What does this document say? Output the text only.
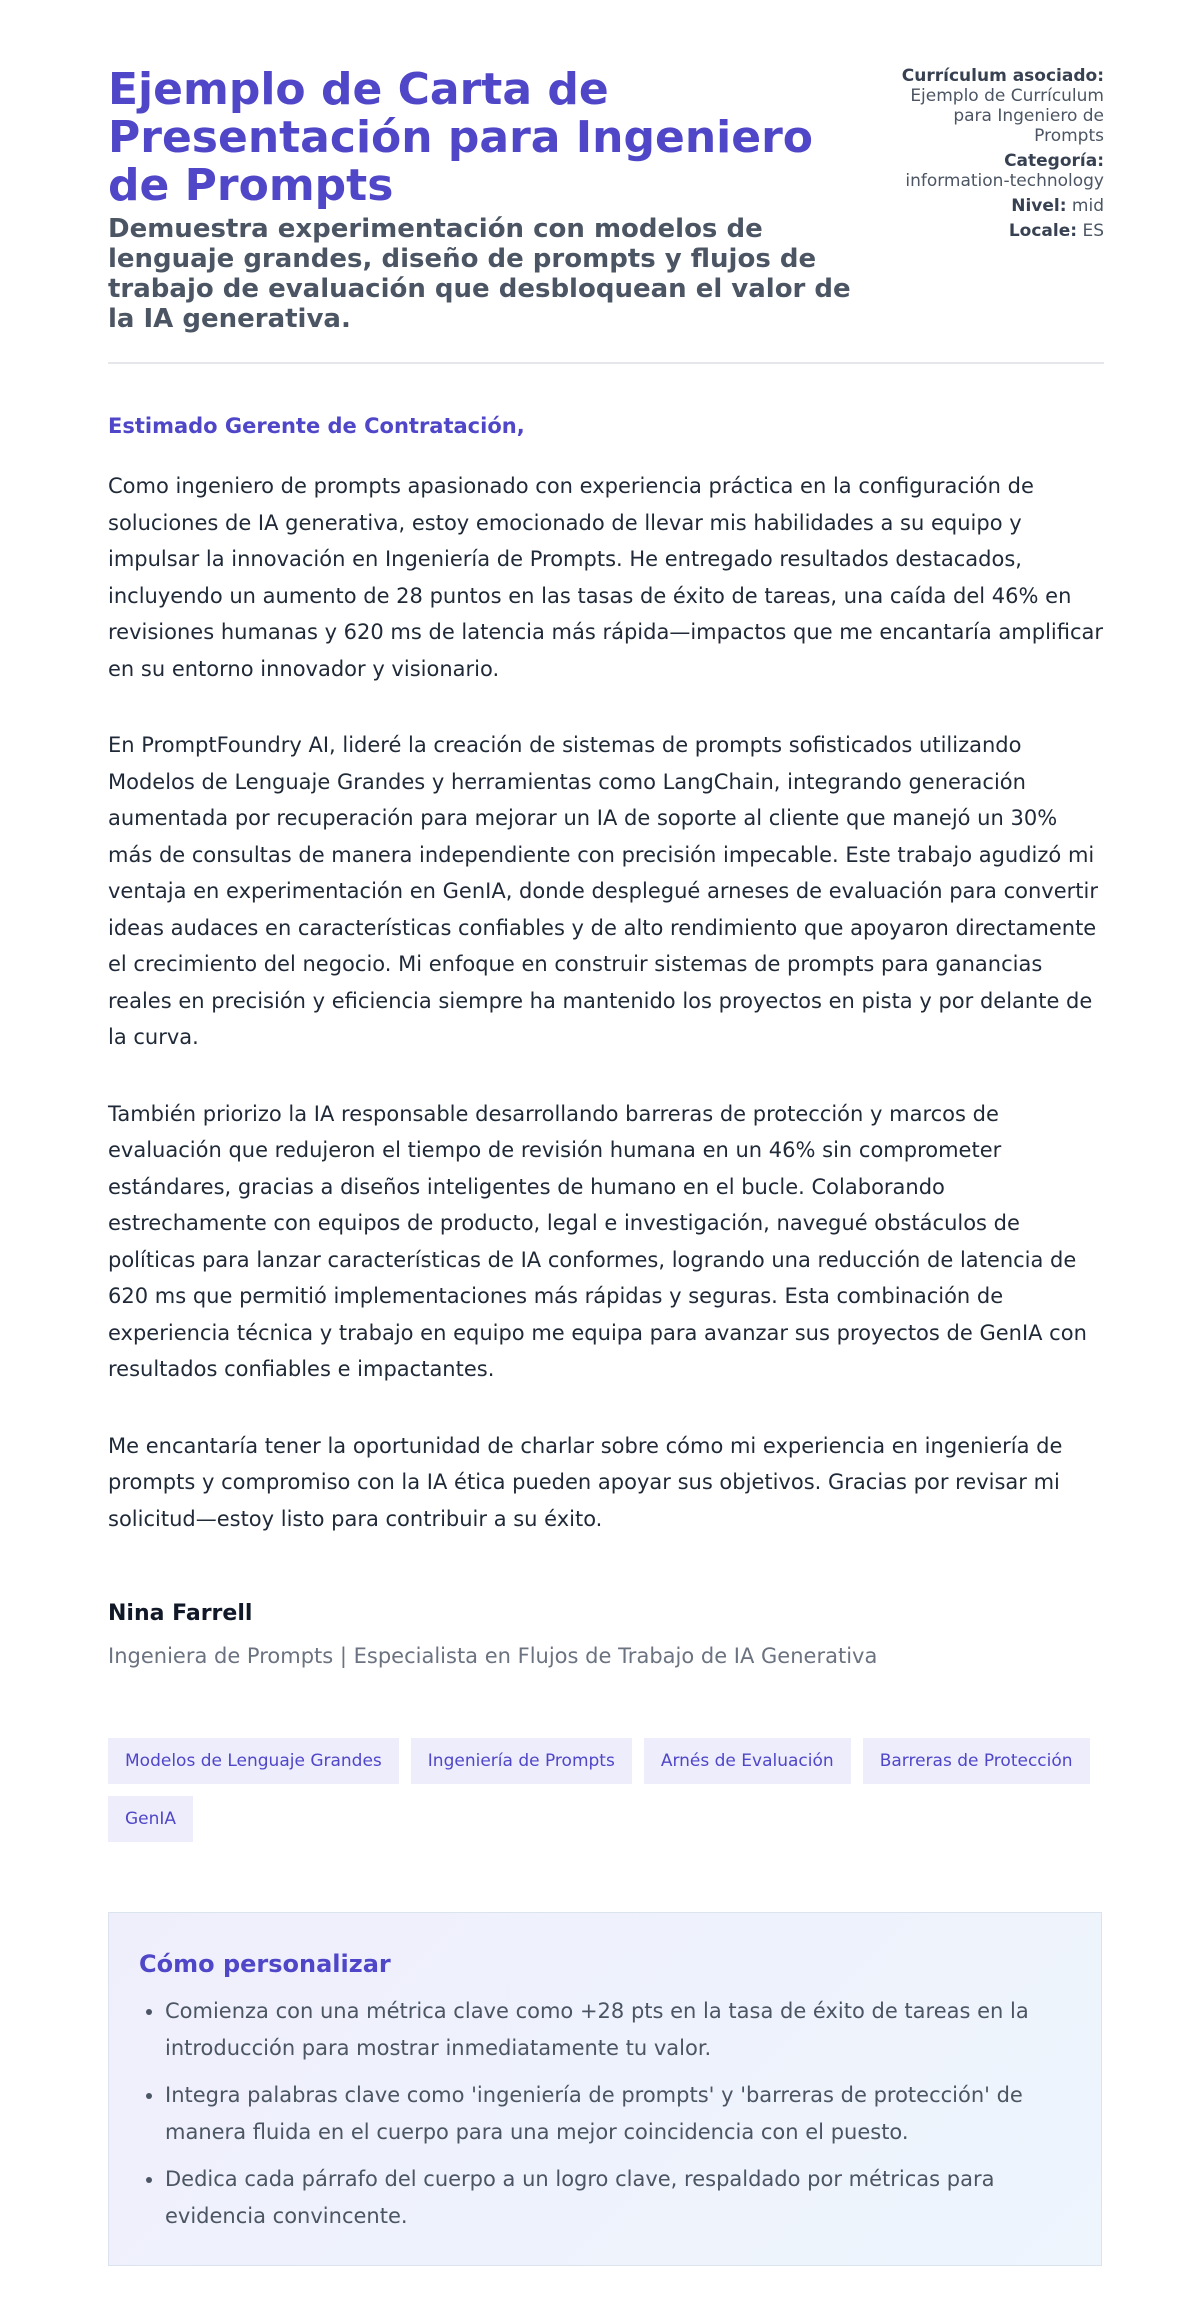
Ejemplo de Carta de Presentación para Ingeniero de Prompts

Demuestra experimentación con modelos de lenguaje grandes, diseño de prompts y flujos de trabajo de evaluación que desbloquean el valor de la IA generativa.

Currículum asociado:
Ejemplo de Currículum para Ingeniero de Prompts
Categoría:
information-technology
Nivel: mid
Locale: ES

Estimado Gerente de Contratación,

Como ingeniero de prompts apasionado con experiencia práctica en la configuración de soluciones de IA generativa, estoy emocionado de llevar mis habilidades a su equipo y impulsar la innovación en Ingeniería de Prompts. He entregado resultados destacados, incluyendo un aumento de 28 puntos en las tasas de éxito de tareas, una caída del 46% en revisiones humanas y 620 ms de latencia más rápida—impactos que me encantaría amplificar en su entorno innovador y visionario.

En PromptFoundry AI, lideré la creación de sistemas de prompts sofisticados utilizando Modelos de Lenguaje Grandes y herramientas como LangChain, integrando generación aumentada por recuperación para mejorar un IA de soporte al cliente que manejó un 30% más de consultas de manera independiente con precisión impecable. Este trabajo agudizó mi ventaja en experimentación en GenIA, donde desplegué arneses de evaluación para convertir ideas audaces en características confiables y de alto rendimiento que apoyaron directamente el crecimiento del negocio. Mi enfoque en construir sistemas de prompts para ganancias reales en precisión y eficiencia siempre ha mantenido los proyectos en pista y por delante de la curva.

También priorizo la IA responsable desarrollando barreras de protección y marcos de evaluación que redujeron el tiempo de revisión humana en un 46% sin comprometer estándares, gracias a diseños inteligentes de humano en el bucle. Colaborando estrechamente con equipos de producto, legal e investigación, navegué obstáculos de políticas para lanzar características de IA conformes, logrando una reducción de latencia de 620 ms que permitió implementaciones más rápidas y seguras. Esta combinación de experiencia técnica y trabajo en equipo me equipa para avanzar sus proyectos de GenIA con resultados confiables e impactantes.

Me encantaría tener la oportunidad de charlar sobre cómo mi experiencia en ingeniería de prompts y compromiso con la IA ética pueden apoyar sus objetivos. Gracias por revisar mi solicitud—estoy listo para contribuir a su éxito.

Nina Farrell

Ingeniera de Prompts | Especialista en Flujos de Trabajo de IA Generativa

Modelos de Lenguaje Grandes	Ingeniería de Prompts	Arnés de Evaluación	Barreras de Protección
GenIA
Cómo personalizar
• Comienza con una métrica clave como +28 pts en la tasa de éxito de tareas en la introducción para mostrar inmediatamente tu valor.
• Integra palabras clave como 'ingeniería de prompts' y 'barreras de protección' de manera fluida en el cuerpo para una mejor coincidencia con el puesto.
• Dedica cada párrafo del cuerpo a un logro clave, respaldado por métricas para evidencia convincente.
